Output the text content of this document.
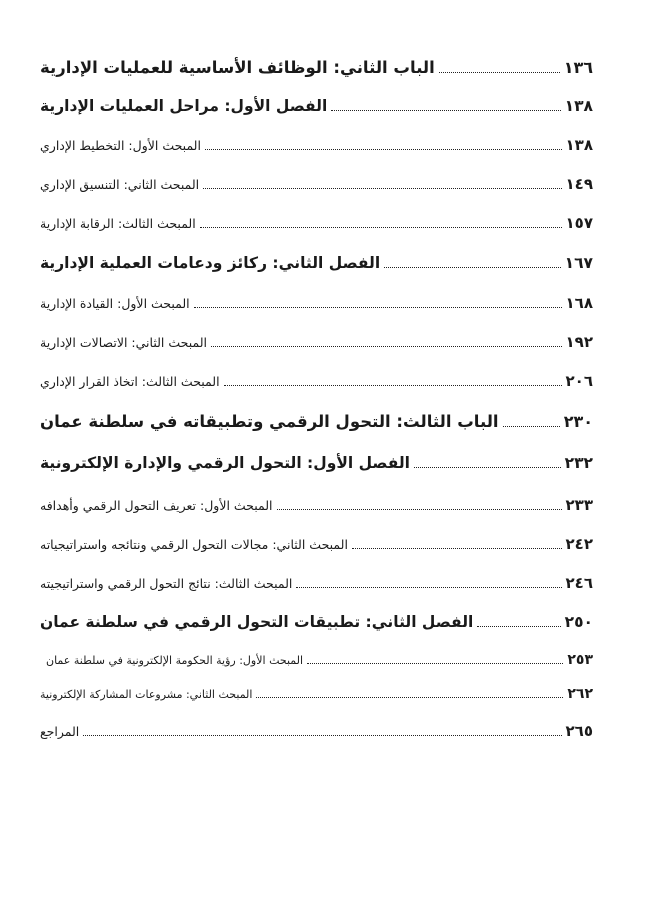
الباب الثاني: الوظائف الأساسية للعمليات الإدارية	١٣٦
الفصل الأول: مراحل العمليات الإدارية	١٣٨
المبحث الأول: التخطيط الإداري	١٣٨
المبحث الثاني: التنسيق الإداري	١٤٩
المبحث الثالث: الرقابة الإدارية	١٥٧
الفصل الثاني: ركائز ودعامات العملية الإدارية	١٦٧
المبحث الأول: القيادة الإدارية	١٦٨
المبحث الثاني: الاتصالات الإدارية	١٩٢
المبحث الثالث: اتخاذ القرار الإداري	٢٠٦
الباب الثالث: التحول الرقمي وتطبيقاته في سلطنة عمان	٢٣٠
الفصل الأول: التحول الرقمي والإدارة الإلكترونية	٢٣٢
المبحث الأول: تعريف التحول الرقمي وأهدافه	٢٣٣
المبحث الثاني: مجالات التحول الرقمي ونتائجه واستراتيجياته	٢٤٢
المبحث الثالث: نتائج التحول الرقمي واستراتيجيته	٢٤٦
الفصل الثاني: تطبيقات التحول الرقمي في سلطنة عمان	٢٥٠
المبحث الأول: رؤية الحكومة الإلكترونية في سلطنة عمان	٢٥٣
المبحث الثاني: مشروعات المشاركة الإلكترونية	٢٦٢
المراجع	٢٦٥
